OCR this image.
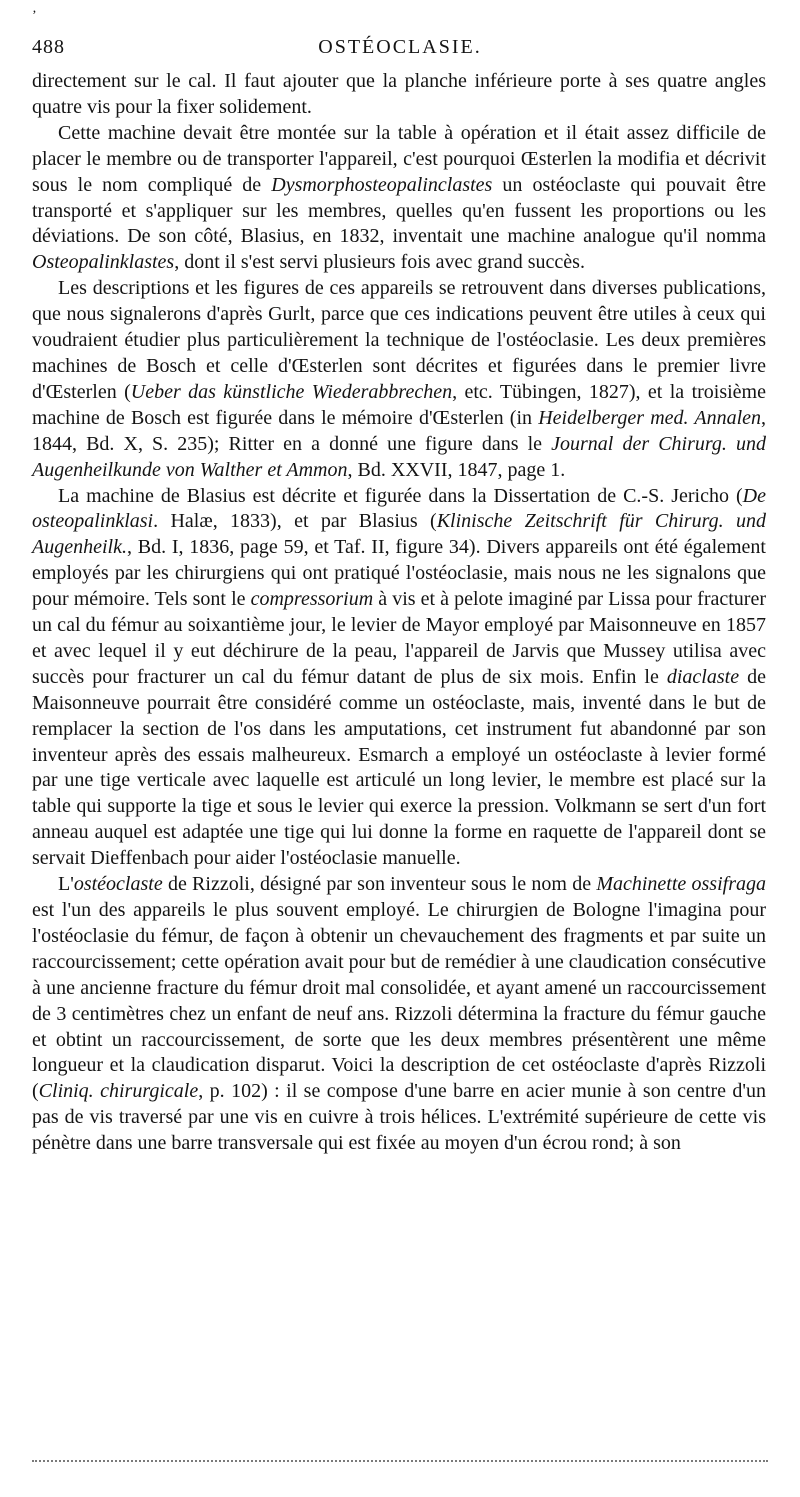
‚
488	OSTÉOCLASIE.

directement sur le cal. Il faut ajouter que la planche inférieure porte à ses quatre angles quatre vis pour la fixer solidement.

Cette machine devait être montée sur la table à opération et il était assez difficile de placer le membre ou de transporter l'appareil, c'est pourquoi Œsterlen la modifia et décrivit sous le nom compliqué de Dysmorphosteopalinclastes un ostéoclaste qui pouvait être transporté et s'appliquer sur les membres, quelles qu'en fussent les proportions ou les déviations. De son côté, Blasius, en 1832, inventait une machine analogue qu'il nomma Osteopalinklastes, dont il s'est servi plusieurs fois avec grand succès.

Les descriptions et les figures de ces appareils se retrouvent dans diverses publications, que nous signalerons d'après Gurlt, parce que ces indications peuvent être utiles à ceux qui voudraient étudier plus particulièrement la technique de l'ostéoclasie. Les deux premières machines de Bosch et celle d'Œsterlen sont décrites et figurées dans le premier livre d'Œsterlen (Ueber das künstliche Wiederabbrechen, etc. Tübingen, 1827), et la troisième machine de Bosch est figurée dans le mémoire d'Œsterlen (in Heidelberger med. Annalen, 1844, Bd. X, S. 235); Ritter en a donné une figure dans le Journal der Chirurg. und Augenheilkunde von Walther et Ammon, Bd. XXVII, 1847, page 1.

La machine de Blasius est décrite et figurée dans la Dissertation de C.-S. Jericho (De osteopalinklasi. Halæ, 1833), et par Blasius (Klinische Zeitschrift für Chirurg. und Augenheilk., Bd. I, 1836, page 59, et Taf. II, figure 34). Divers appareils ont été également employés par les chirurgiens qui ont pratiqué l'ostéoclasie, mais nous ne les signalons que pour mémoire. Tels sont le compressorium à vis et à pelote imaginé par Lissa pour fracturer un cal du fémur au soixantième jour, le levier de Mayor employé par Maisonneuve en 1857 et avec lequel il y eut déchirure de la peau, l'appareil de Jarvis que Mussey utilisa avec succès pour fracturer un cal du fémur datant de plus de six mois. Enfin le diaclaste de Maisonneuve pourrait être considéré comme un ostéoclaste, mais, inventé dans le but de remplacer la section de l'os dans les amputations, cet instrument fut abandonné par son inventeur après des essais malheureux. Esmarch a employé un ostéoclaste à levier formé par une tige verticale avec laquelle est articulé un long levier, le membre est placé sur la table qui supporte la tige et sous le levier qui exerce la pression. Volkmann se sert d'un fort anneau auquel est adaptée une tige qui lui donne la forme en raquette de l'appareil dont se servait Dieffenbach pour aider l'ostéoclasie manuelle.

L'ostéoclaste de Rizzoli, désigné par son inventeur sous le nom de Machinette ossifraga est l'un des appareils le plus souvent employé. Le chirurgien de Bologne l'imagina pour l'ostéoclasie du fémur, de façon à obtenir un chevauchement des fragments et par suite un raccourcissement; cette opération avait pour but de remédier à une claudication consécutive à une ancienne fracture du fémur droit mal consolidée, et ayant amené un raccourcissement de 3 centimètres chez un enfant de neuf ans. Rizzoli détermina la fracture du fémur gauche et obtint un raccourcissement, de sorte que les deux membres présentèrent une même longueur et la claudication disparut. Voici la description de cet ostéoclaste d'après Rizzoli (Cliniq. chirurgicale, p. 102) : il se compose d'une barre en acier munie à son centre d'un pas de vis traversé par une vis en cuivre à trois hélices. L'extrémité supérieure de cette vis pénètre dans une barre transversale qui est fixée au moyen d'un écrou rond; à son
